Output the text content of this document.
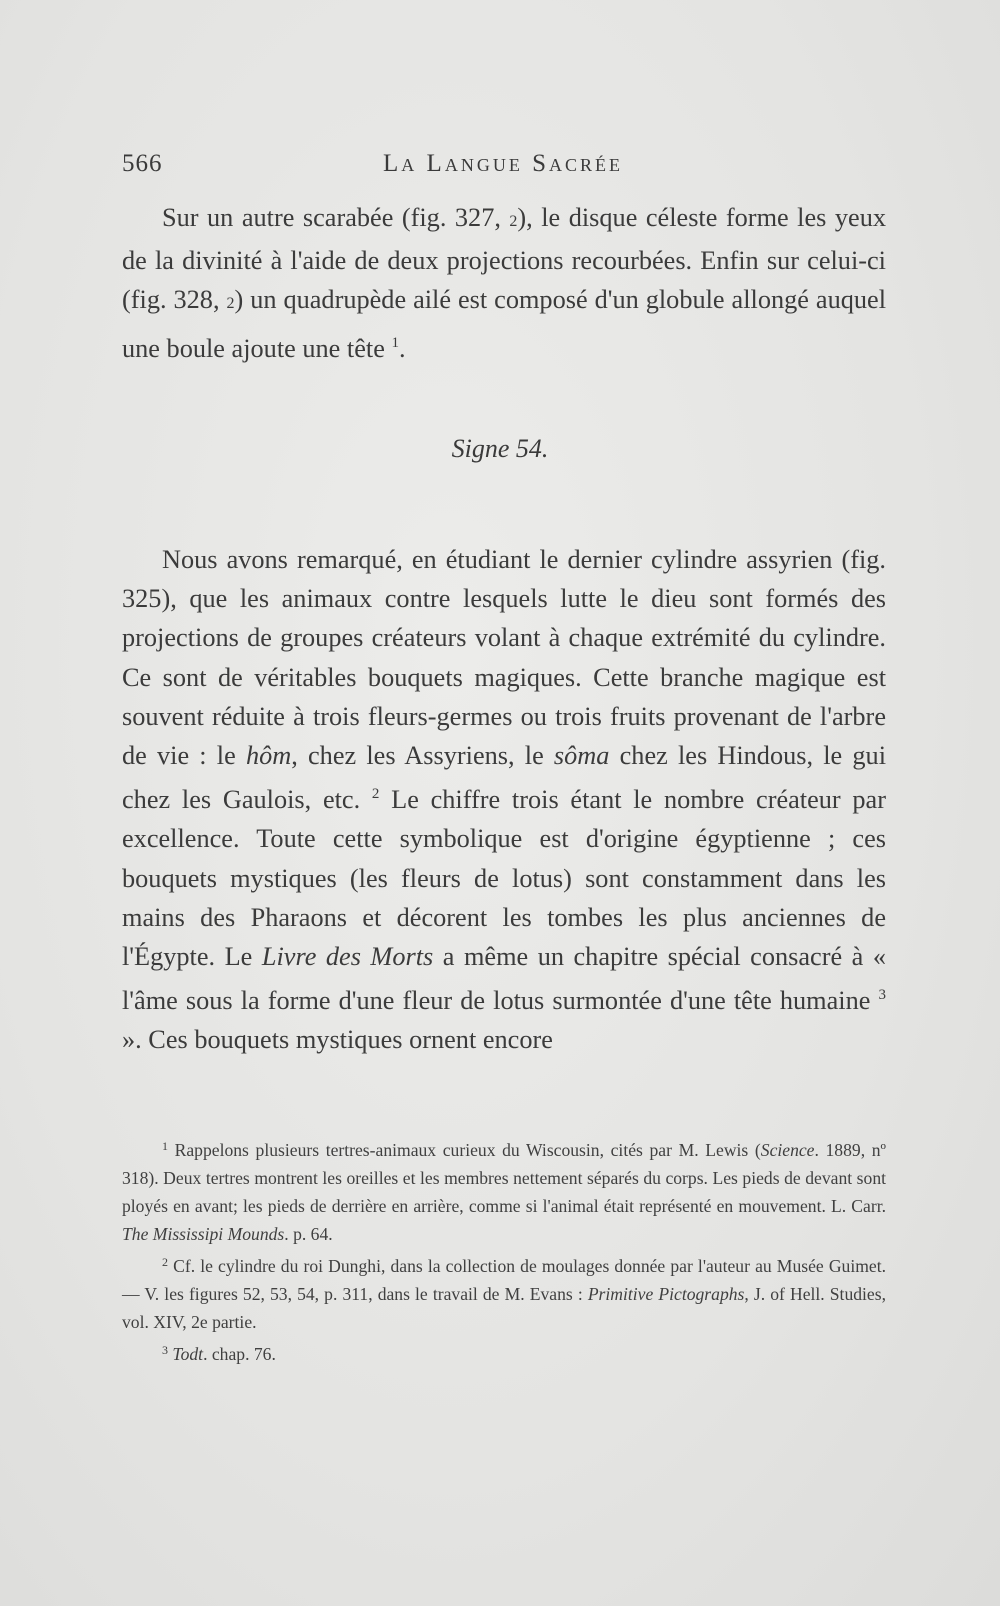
566	La Langue Sacrée

Sur un autre scarabée (fig. 327, 2), le disque céleste forme les yeux de la divinité à l'aide de deux projections recourbées. Enfin sur celui-ci (fig. 328, 2) un quadrupède ailé est composé d'un globule allongé auquel une boule ajoute une tête $^1$.

Signe 54.

Nous avons remarqué, en étudiant le dernier cylindre assyrien (fig. 325), que les animaux contre lesquels lutte le dieu sont formés des projections de groupes créateurs volant à chaque extrémité du cylindre. Ce sont de véritables bouquets magiques. Cette branche magique est souvent réduite à trois fleurs-germes ou trois fruits provenant de l'arbre de vie : le hôm, chez les Assyriens, le sôma chez les Hindous, le gui chez les Gaulois, etc. $^2$ Le chiffre trois étant le nombre créateur par excellence. Toute cette symbolique est d'origine égyptienne ; ces bouquets mystiques (les fleurs de lotus) sont constamment dans les mains des Pharaons et décorent les tombes les plus anciennes de l'Égypte. Le Livre des Morts a même un chapitre spécial consacré à « l'âme sous la forme d'une fleur de lotus surmontée d'une tête humaine $^3$ ». Ces bouquets mystiques ornent encore

$^1$ Rappelons plusieurs tertres-animaux curieux du Wiscousin, cités par M. Lewis (Science. 1889, nº 318). Deux tertres montrent les oreilles et les membres nettement séparés du corps. Les pieds de devant sont ployés en avant; les pieds de derrière en arrière, comme si l'animal était représenté en mouvement. L. Carr. The Mississipi Mounds. p. 64.

$^2$ Cf. le cylindre du roi Dunghi, dans la collection de moulages donnée par l'auteur au Musée Guimet. — V. les figures 52, 53, 54, p. 311, dans le travail de M. Evans : Primitive Pictographs, J. of Hell. Studies, vol. XIV, 2e partie.

$^3$ Todt. chap. 76.
